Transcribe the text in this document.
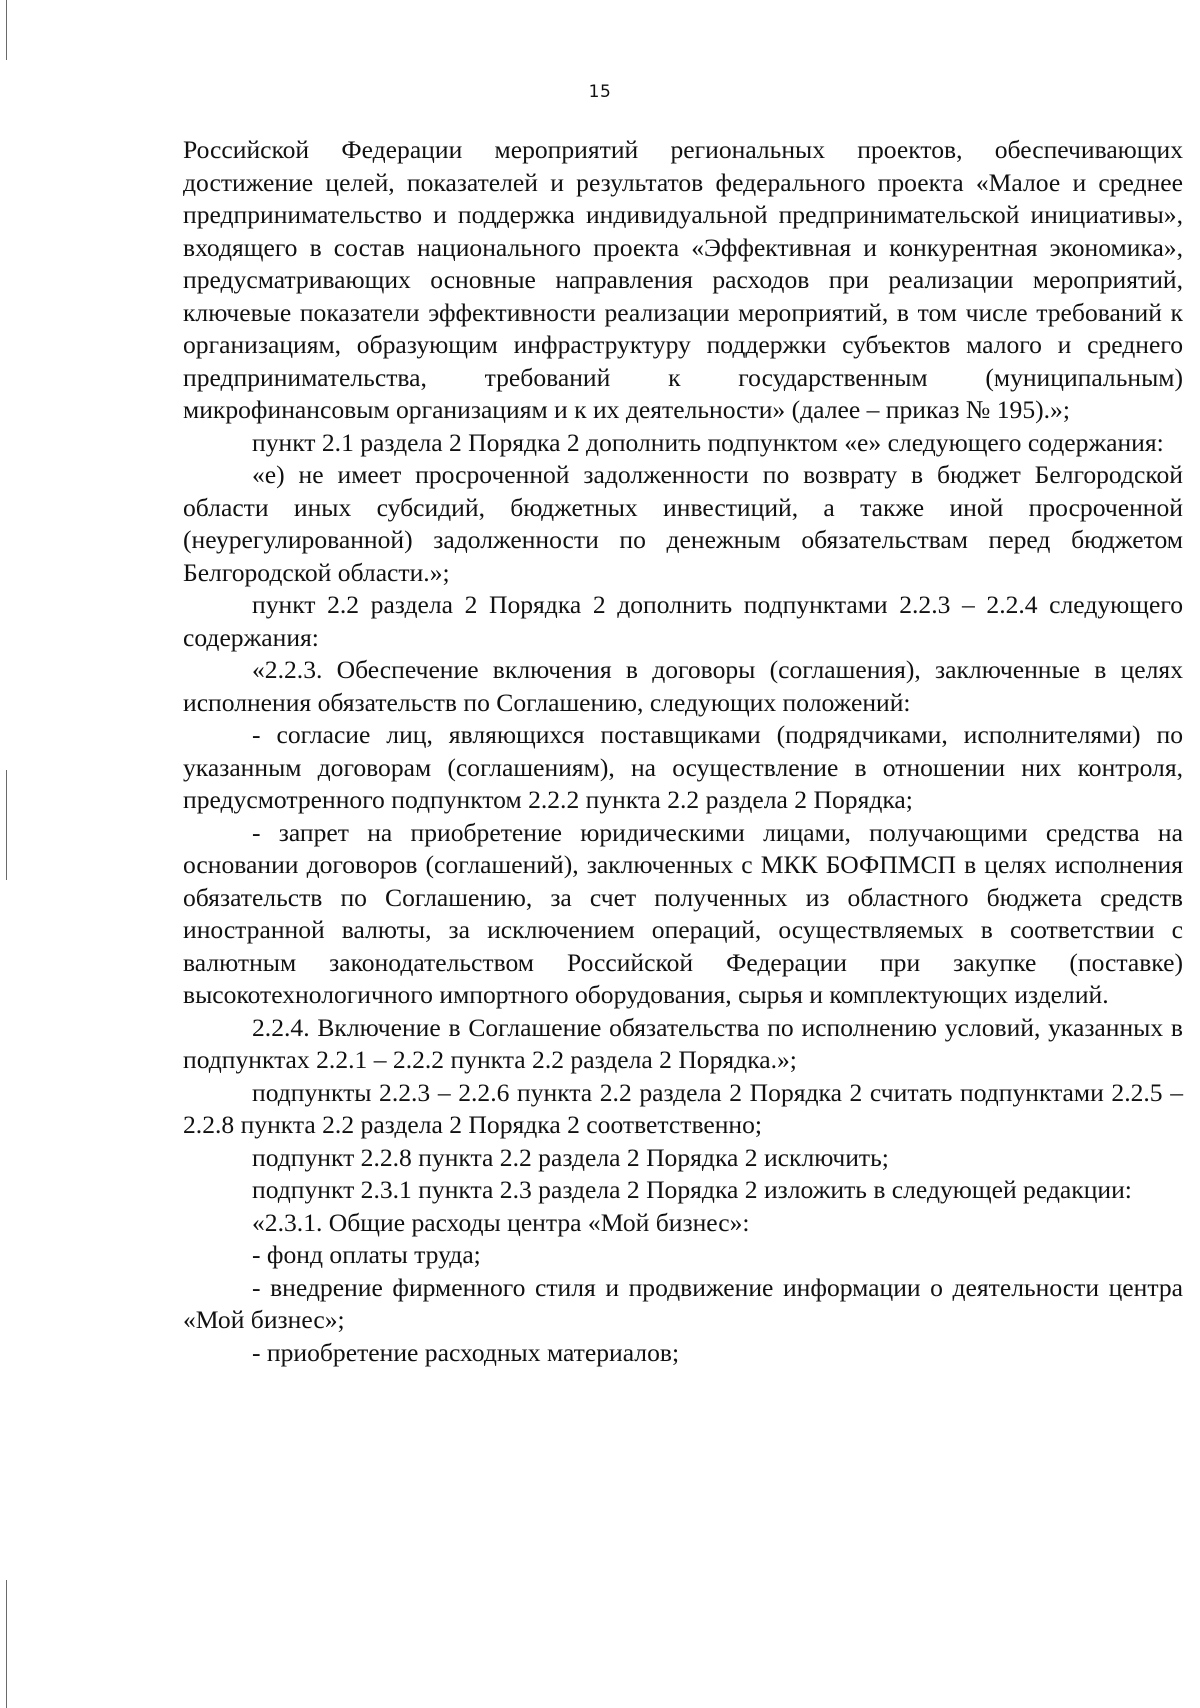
15

Российской Федерации мероприятий региональных проектов, обеспечивающих достижение целей, показателей и результатов федерального проекта «Малое и среднее предпринимательство и поддержка индивидуальной предпринимательской инициативы», входящего в состав национального проекта «Эффективная и конкурентная экономика», предусматривающих основные направления расходов при реализации мероприятий, ключевые показатели эффективности реализации мероприятий, в том числе требований к организациям, образующим инфраструктуру поддержки субъектов малого и среднего предпринимательства, требований к государственным (муниципальным) микрофинансовым организациям и к их деятельности» (далее – приказ № 195).»;

пункт 2.1 раздела 2 Порядка 2 дополнить подпунктом «е» следующего содержания:

«е) не имеет просроченной задолженности по возврату в бюджет Белгородской области иных субсидий, бюджетных инвестиций, а также иной просроченной (неурегулированной) задолженности по денежным обязательствам перед бюджетом Белгородской области.»;

пункт 2.2 раздела 2 Порядка 2 дополнить подпунктами 2.2.3 – 2.2.4 следующего содержания:

«2.2.3. Обеспечение включения в договоры (соглашения), заключенные в целях исполнения обязательств по Соглашению, следующих положений:

- согласие лиц, являющихся поставщиками (подрядчиками, исполнителями) по указанным договорам (соглашениям), на осуществление в отношении них контроля, предусмотренного подпунктом 2.2.2 пункта 2.2 раздела 2 Порядка;

- запрет на приобретение юридическими лицами, получающими средства на основании договоров (соглашений), заключенных с МКК БОФПМСП в целях исполнения обязательств по Соглашению, за счет полученных из областного бюджета средств иностранной валюты, за исключением операций, осуществляемых в соответствии с валютным законодательством Российской Федерации при закупке (поставке) высокотехнологичного импортного оборудования, сырья и комплектующих изделий.

2.2.4. Включение в Соглашение обязательства по исполнению условий, указанных в подпунктах 2.2.1 – 2.2.2 пункта 2.2 раздела 2 Порядка.»;

подпункты 2.2.3 – 2.2.6 пункта 2.2 раздела 2 Порядка 2 считать подпунктами 2.2.5 – 2.2.8 пункта 2.2 раздела 2 Порядка 2 соответственно;

подпункт 2.2.8 пункта 2.2 раздела 2 Порядка 2 исключить;

подпункт 2.3.1 пункта 2.3 раздела 2 Порядка 2 изложить в следующей редакции:

«2.3.1. Общие расходы центра «Мой бизнес»:

- фонд оплаты труда;

- внедрение фирменного стиля и продвижение информации о деятельности центра «Мой бизнес»;

- приобретение расходных материалов;
